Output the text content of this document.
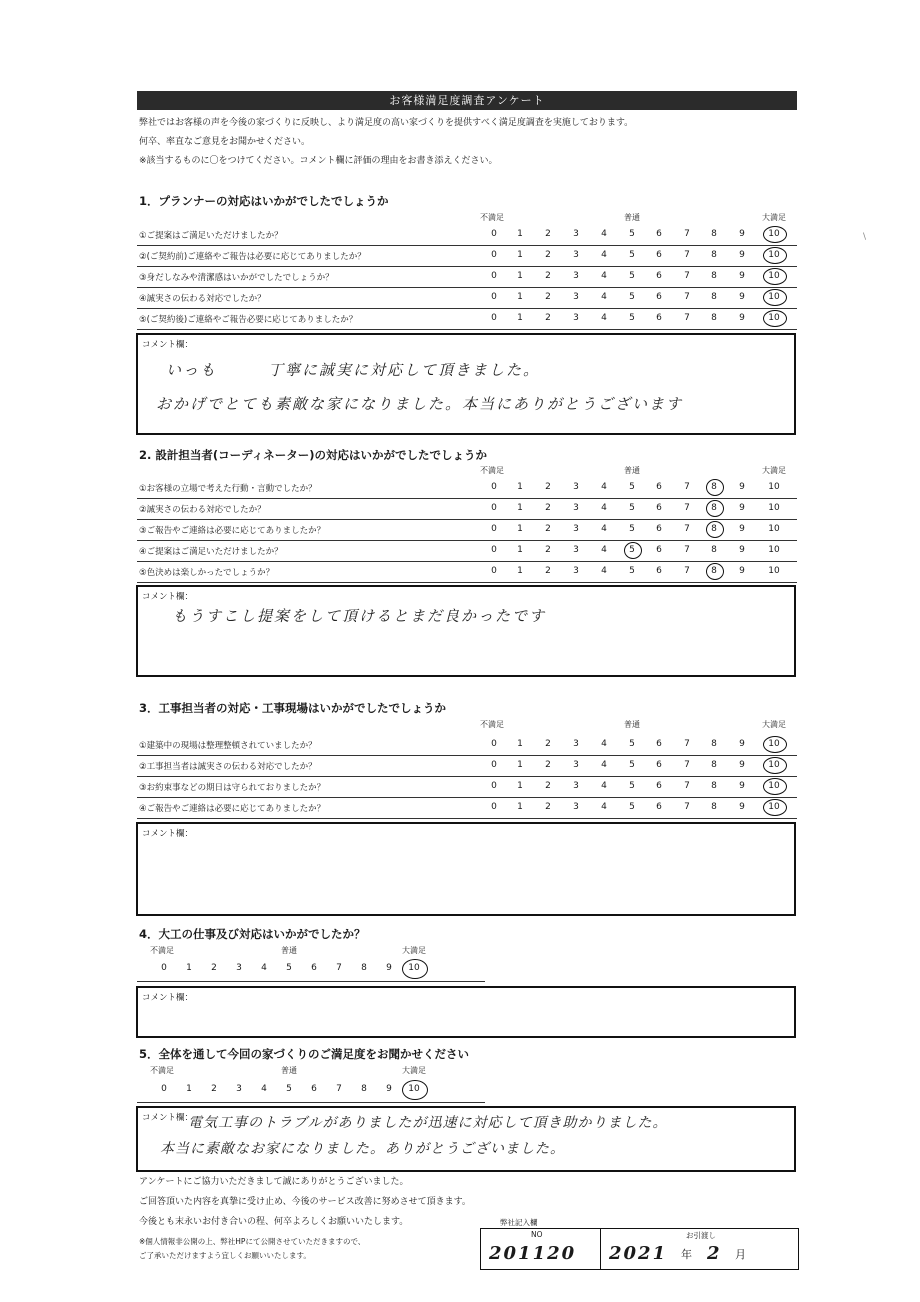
お客様満足度調査アンケート
弊社ではお客様の声を今後の家づくりに反映し、より満足度の高い家づくりを提供すべく満足度調査を実施しております。
何卒、率直なご意見をお聞かせください。
※該当するものに〇をつけてください。コメント欄に評価の理由をお書き添えください。
アンケートにご協力いただきまして誠にありがとうございました。
ご回答頂いた内容を真摯に受け止め、今後のサービス改善に努めさせて頂きます。
今後とも末永いお付き合いの程、何卒よろしくお願いいたします。
※個人情報非公開の上、弊社HPにて公開させていただきますので、
ご了承いただけますよう宜しくお願いいたします。
弊社記入欄
NO	お引渡し
201120 2021 年 2 月
\
1．プランナーの対応はいかがでしたでしょうか
不満足	普通	大満足
①ご提案はご満足いただけましたか？	0	1	2	3	4	5	6	7	8	9	10
②(ご契約前)ご連絡やご報告は必要に応じてありましたか？	0	1	2	3	4	5	6	7	8	9	10
③身だしなみや清潔感はいかがでしたでしょうか？	0	1	2	3	4	5	6	7	8	9	10
④誠実さの伝わる対応でしたか？	0	1	2	3	4	5	6	7	8	9	10
⑤(ご契約後)ご連絡やご報告必要に応じてありましたか？	0	1	2	3	4	5	6	7	8	9	10
コメント欄：
いっも　　　丁寧に誠実に対応して頂きました。
おかげでとても素敵な家になりました。本当にありがとうございます
2. 設計担当者(コーディネーター)の対応はいかがでしたでしょうか
不満足	普通	大満足
①お客様の立場で考えた行動・言動でしたか？	0	1	2	3	4	5	6	7	8	9	10
②誠実さの伝わる対応でしたか？	0	1	2	3	4	5	6	7	8	9	10
③ご報告やご連絡は必要に応じてありましたか？	0	1	2	3	4	5	6	7	8	9	10
④ご提案はご満足いただけましたか？	0	1	2	3	4	5	6	7	8	9	10
⑤色決めは楽しかったでしょうか？	0	1	2	3	4	5	6	7	8	9	10
コメント欄：
もうすこし提案をして頂けるとまだ良かったです
3．工事担当者の対応・工事現場はいかがでしたでしょうか
不満足	普通	大満足
①建築中の現場は整理整頓されていましたか？	0	1	2	3	4	5	6	7	8	9	10
②工事担当者は誠実さの伝わる対応でしたか？	0	1	2	3	4	5	6	7	8	9	10
③お約束事などの期日は守られておりましたか？	0	1	2	3	4	5	6	7	8	9	10
④ご報告やご連絡は必要に応じてありましたか？	0	1	2	3	4	5	6	7	8	9	10
コメント欄：
4．大工の仕事及び対応はいかがでしたか？
不満足	普通	大満足
0	1	2	3	4	5	6	7	8	9	10
コメント欄：
5．全体を通して今回の家づくりのご満足度をお聞かせください
不満足	普通	大満足
0	1	2	3	4	5	6	7	8	9	10
コメント欄：
電気工事のトラブルがありましたが迅速に対応して頂き助かりました。
本当に素敵なお家になりました。ありがとうございました。
